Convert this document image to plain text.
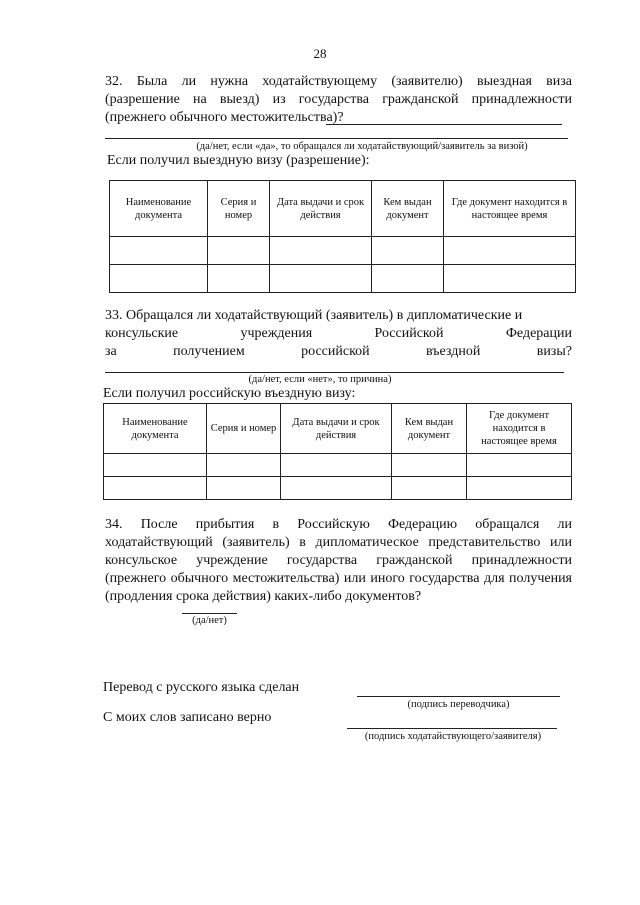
28
32. Была ли нужна ходатайствующему (заявителю) выездная виза (разрешение на выезд) из государства гражданской принадлежности (прежнего обычного местожительства)?
(да/нет, если «да», то обращался ли ходатайствующий/заявитель за визой)
Если получил выездную визу (разрешение):
Наименование документа	Серия и номер	Дата выдачи и срок действия	Кем выдан документ	Где документ находится в настоящее время

33. Обращался ли ходатайствующий (заявитель) в дипломатические и
консульские	учреждения	Российской	Федерации
за	получением	российской	въездной	визы?
(да/нет, если «нет», то причина)
Если получил российскую въездную визу:
Наименование документа	Серия и номер	Дата выдачи и срок действия	Кем выдан документ	Где документ находится в настоящее время

34. После прибытия в Российскую Федерацию обращался ли ходатайствующий (заявитель) в дипломатическое представительство или консульское учреждение государства гражданской принадлежности (прежнего обычного местожительства) или иного государства для получения (продления срока действия) каких-либо документов?
(да/нет)
Перевод с русского языка сделан
(подпись переводчика)
С моих слов записано верно
(подпись ходатайствующего/заявителя)
